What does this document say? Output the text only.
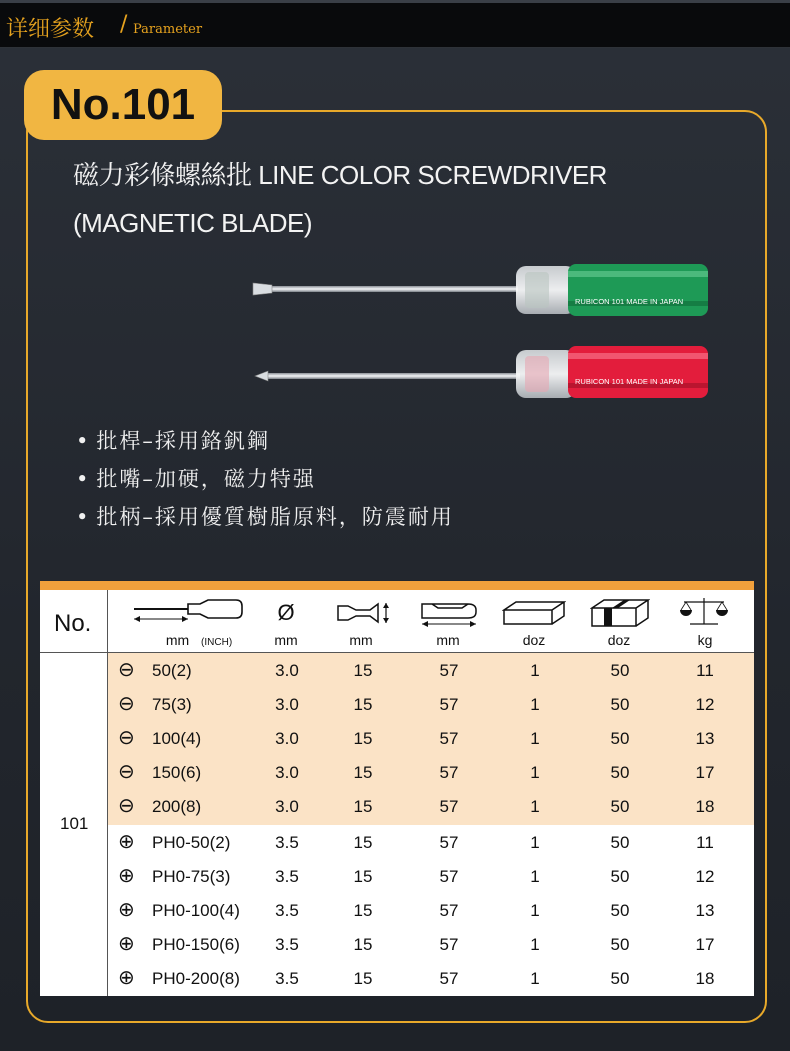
详细参数 / Parameter
No.101
磁力彩條螺絲批 LINE COLOR SCREWDRIVER
(MAGNETIC BLADE)
RUBICON 101 MADE IN JAPAN
RUBICON 101 MADE IN JAPAN
• 批桿–採用鉻釩鋼
• 批嘴–加硬，磁力特强
• 批柄–採用優質樹脂原料，防震耐用
No.
mm (INCH)
Ø
mm	mm	mm	doz	doz	kg
101
⊖ 50(2)	3.0	15	57	1	50	11
⊖ 75(3)	3.0	15	57	1	50	12
⊖ 100(4)	3.0	15	57	1	50	13
⊖ 150(6)	3.0	15	57	1	50	17
⊖ 200(8)	3.0	15	57	1	50	18
⊕ PH0-50(2)	3.5	15	57	1	50	11
⊕ PH0-75(3)	3.5	15	57	1	50	12
⊕ PH0-100(4) 3.5	15	57	1	50	13
⊕ PH0-150(6) 3.5	15	57	1	50	17
⊕ PH0-200(8) 3.5	15	57	1	50	18
